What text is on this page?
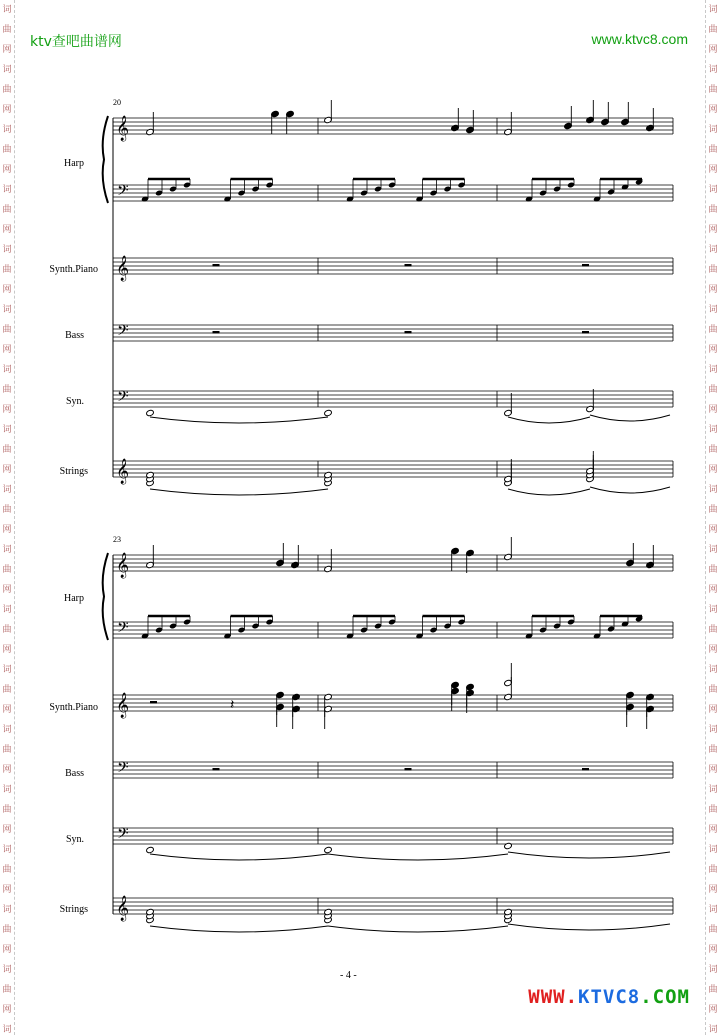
词
曲
网
词
曲
网
词
曲
网
词
曲
网
词
曲
网
词
曲
网
词
曲
网
词
曲
网
词
曲
网
词
曲
网
词
曲
网
词
曲
网
词
曲
网
词
曲
网
词
曲
网
词
曲
网
词
曲
网
词

词
曲
网
词
曲
网
词
曲
网
词
曲
网
词
曲
网
词
曲
网
词
曲
网
词
曲
网
词
曲
网
词
曲
网
词
曲
网
词
曲
网
词
曲
网
词
曲
网
词
曲
网
词
曲
网
词
曲
网
词

ktv查吧曲谱网	www.ktvc8.com
20
Harp
Synth.Piano
Bass
Syn.
Strings
23
Harp
Synth.Piano
Bass
Syn.
Strings
𝄞
𝄢
𝄞
𝄢
𝄢
𝄞
𝄞
𝄢
𝄞
𝄢
𝄢
𝄞
𝄽
- 4 -
WWW.KTVC8.COM
